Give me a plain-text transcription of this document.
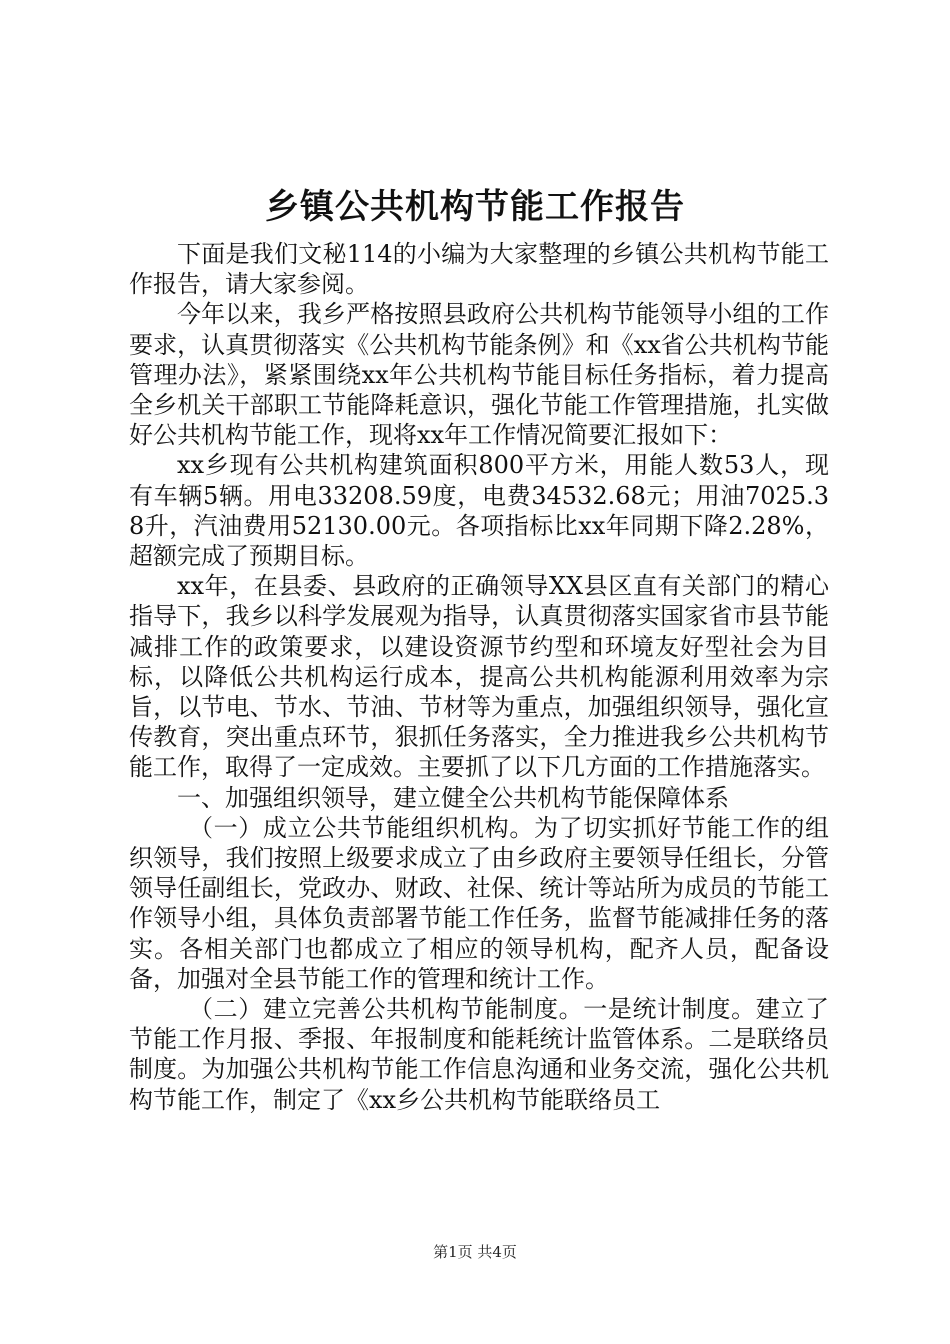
乡镇公共机构节能工作报告

下面是我们文秘114的小编为大家整理的乡镇公共机构节能工作报告，请大家参阅。

今年以来，我乡严格按照县政府公共机构节能领导小组的工作要求，认真贯彻落实《公共机构节能条例》和《xx省公共机构节能管理办法》，紧紧围绕xx年公共机构节能目标任务指标，着力提高全乡机关干部职工节能降耗意识，强化节能工作管理措施，扎实做好公共机构节能工作，现将xx年工作情况简要汇报如下：

xx乡现有公共机构建筑面积800平方米，用能人数53人，现有车辆5辆。用电33208.59度，电费34532.68元；用油7025.38升，汽油费用52130.00元。各项指标比xx年同期下降2.28%，超额完成了预期目标。

xx年，在县委、县政府的正确领导XX县区直有关部门的精心指导下，我乡以科学发展观为指导，认真贯彻落实国家省市县节能减排工作的政策要求，以建设资源节约型和环境友好型社会为目标，以降低公共机构运行成本，提高公共机构能源利用效率为宗旨，以节电、节水、节油、节材等为重点，加强组织领导，强化宣传教育，突出重点环节，狠抓任务落实，全力推进我乡公共机构节能工作，取得了一定成效。主要抓了以下几方面的工作措施落实。

一、加强组织领导，建立健全公共机构节能保障体系

（一）成立公共节能组织机构。为了切实抓好节能工作的组织领导，我们按照上级要求成立了由乡政府主要领导任组长，分管领导任副组长，党政办、财政、社保、统计等站所为成员的节能工作领导小组，具体负责部署节能工作任务，监督节能减排任务的落实。各相关部门也都成立了相应的领导机构，配齐人员，配备设备，加强对全县节能工作的管理和统计工作。

（二）建立完善公共机构节能制度。一是统计制度。建立了节能工作月报、季报、年报制度和能耗统计监管体系。二是联络员制度。为加强公共机构节能工作信息沟通和业务交流，强化公共机构节能工作，制定了《xx乡公共机构节能联络员工

第1页 共4页
